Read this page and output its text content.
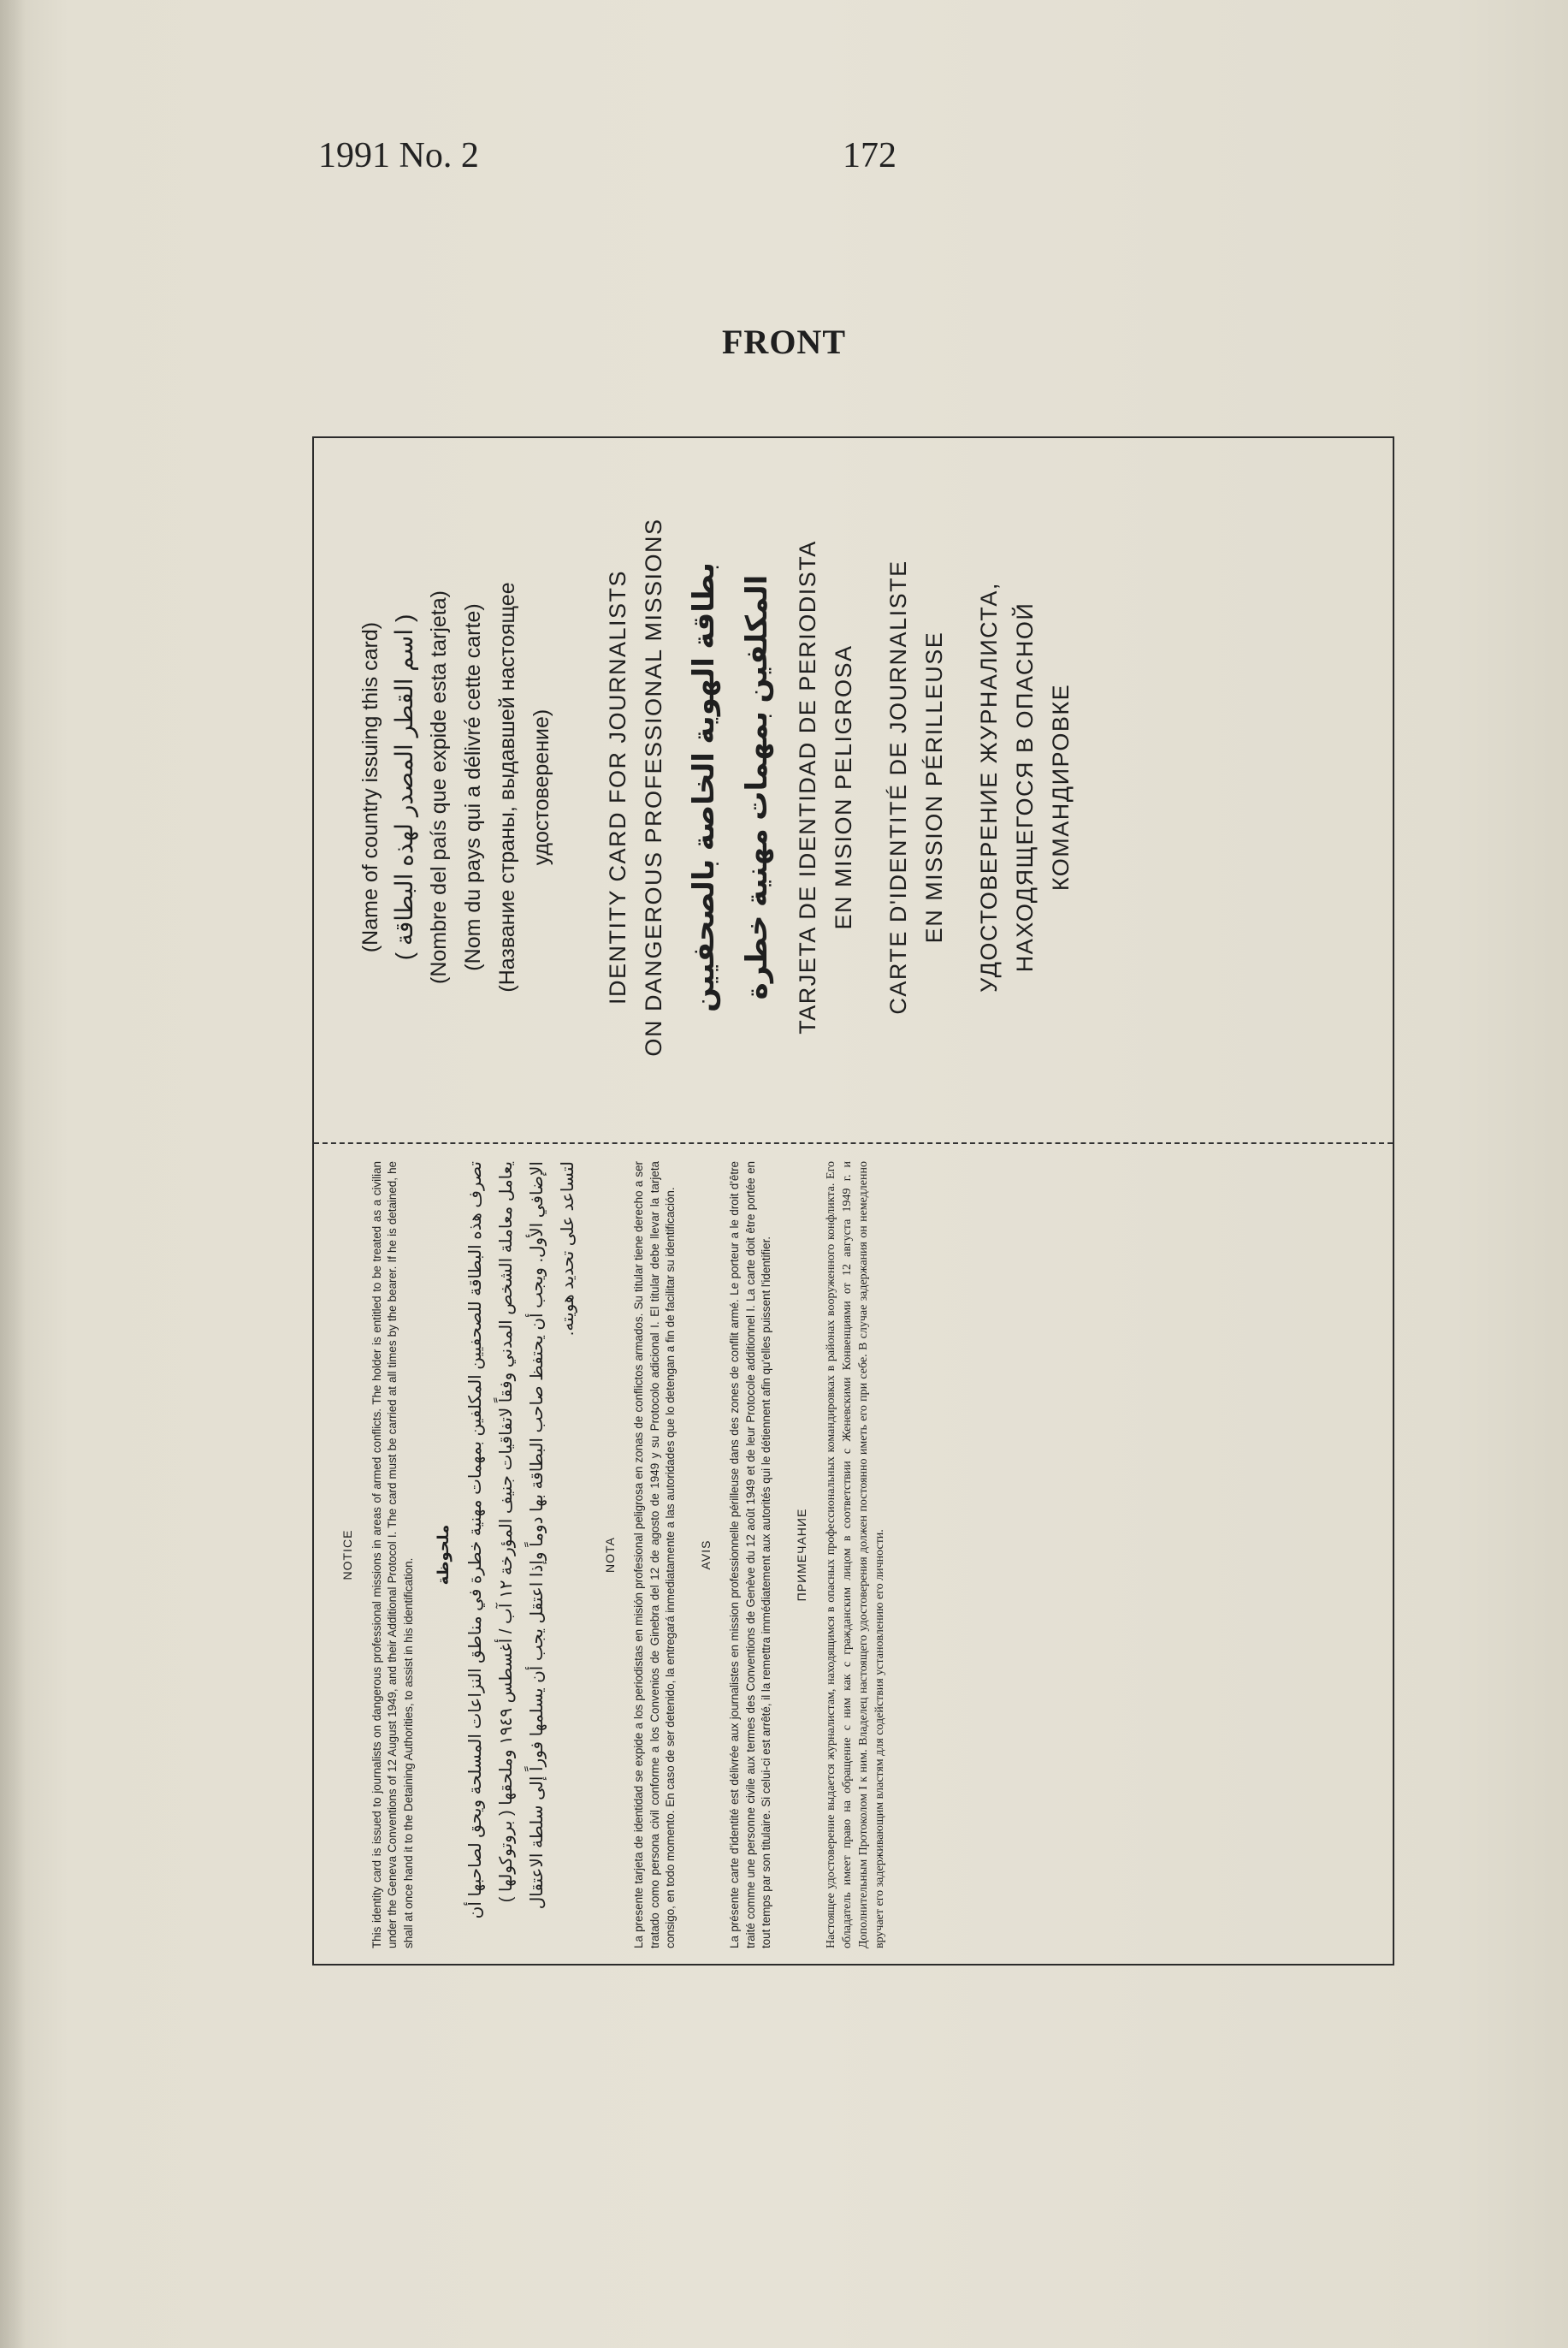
1991 No. 2	172
FRONT
NOTICE This identity card is issued to journalists on dangerous professional missions in areas of armed conflicts. The holder is entitled to be treated as a civilian under the Geneva Conventions of 12 August 1949, and their Additional Protocol I. The card must be carried at all times by the bearer. If he is detained, he shall at once hand it to the Detaining Authorities, to assist in his identification.

ملحوظة تصرف هذه البطاقة للصحفيين المكلفين بمهمات مهنية خطرة في مناطق النزاعات المسلحة ويحق لصاحبها أن يعامل معاملة الشخص المدني وفقاً لاتفاقيات جنيف المؤرخة ١٢ آب / أغسطس ١٩٤٩ وملحقها ( بروتوكولها ) الإضافي الأول. ويجب أن يحتفظ صاحب البطاقة بها دوماً وإذا اعتقل يجب أن يسلمها فوراً إلى سلطة الاعتقال لتساعد على تحديد هويته.

NOTA La presente tarjeta de identidad se expide a los periodistas en misión profesional peligrosa en zonas de conflictos armados. Su titular tiene derecho a ser tratado como persona civil conforme a los Convenios de Ginebra del 12 de agosto de 1949 y su Protocolo adicional I. El titular debe llevar la tarjeta consigo, en todo momento. En caso de ser detenido, la entregará inmediatamente a las autoridades que lo detengan a fin de facilitar su identificación. AVIS La présente carte d'identité est délivrée aux journalistes en mission professionnelle périlleuse dans des zones de conflit armé. Le porteur a le droit d'être traité comme une personne civile aux termes des Conventions de Genève du 12 août 1949 et de leur Protocole additionnel I. La carte doit être portée en tout temps par son titulaire. Si celui-ci est arrêté, il la remettra immédiatement aux autorités qui le détiennent afin qu'elles puissent l'identifier. ПРИМЕЧАНИЕ Настоящее удостоверение выдается журналистам, находящимся в опасных профессиональных командировках в районах вооруженного конфликта. Его обладатель имеет право на обращение с ним как с гражданским лицом в соответствии с Женевскими Конвенциями от 12 августа 1949 г. и Дополнительным Протоколом I к ним. Владелец настоящего удостоверения должен постоянно иметь его при себе. В случае задержания он немедленно вручает его задерживающим властям для содействия установлению его личности.

(Name of country issuing this card) ( اسم القطر المصدر لهذه البطاقة ) (Nombre del país que expide esta tarjeta) (Nom du pays qui a délivré cette carte) (Название страны, выдавшей настоящее удостоверение) IDENTITY CARD FOR JOURNALISTS ON DANGEROUS PROFESSIONAL MISSIONS بطاقة الهوية الخاصة بالصحفيين المكلفين بمهمات مهنية خطرة TARJETA DE IDENTIDAD DE PERIODISTA EN MISION PELIGROSA CARTE D'IDENTITÉ DE JOURNALISTE EN MISSION PÉRILLEUSE УДОСТОВЕРЕНИЕ ЖУРНАЛИСТА, НАХОДЯЩЕГОСЯ В ОПАСНОЙ КОМАНДИРОВКЕ
